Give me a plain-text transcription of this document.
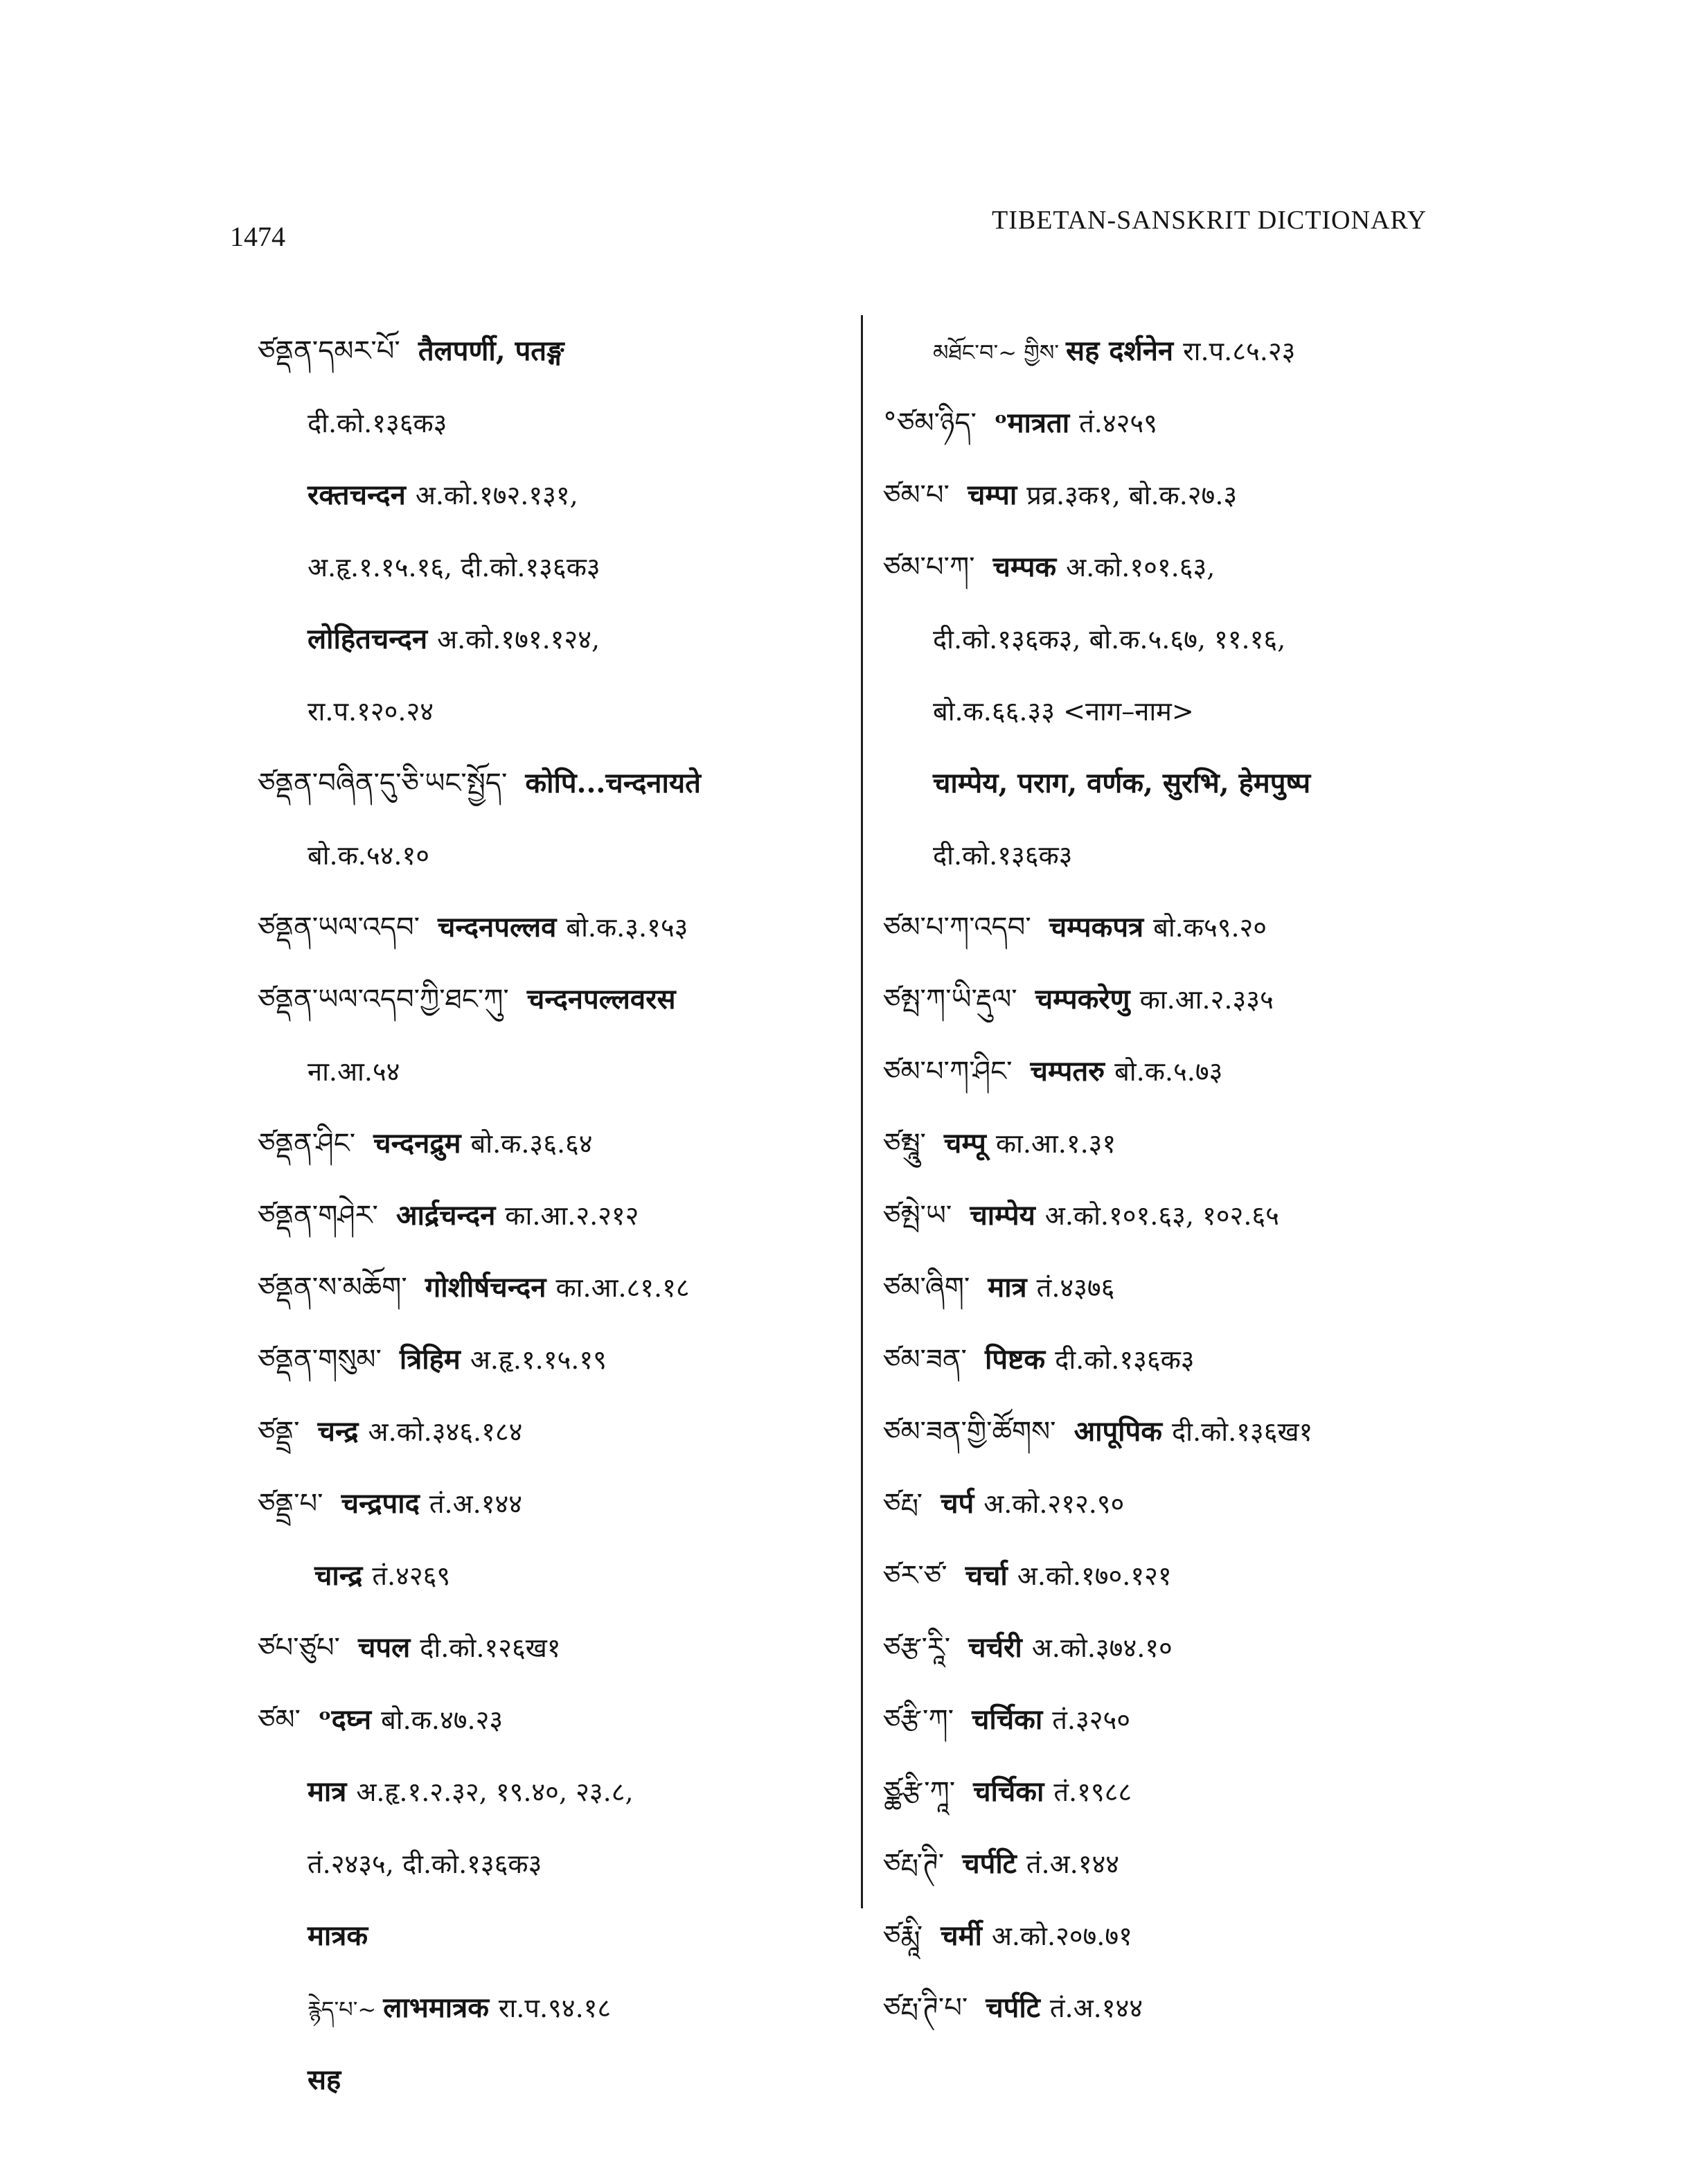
1474
TIBETAN-SANSKRIT DICTIONARY
ཙནྡན་དམར་པོ་ तैलपर्णी, पतङ्ग
दी.को.१३६क३
रक्तचन्दन अ.को.१७२.१३१,
अ.हृ.१.१५.१६, दी.को.१३६क३
लोहितचन्दन अ.को.१७१.१२४,
रा.प.१२०.२४
ཙནྡན་བཞིན་དུ་ཅི་ཡང་སྤྱོད་ कोपि...चन्दनायते
बो.क.५४.१०
ཙནྡན་ཡལ་འདབ་ चन्दनपल्लव बो.क.३.१५३
ཙནྡན་ཡལ་འདབ་ཀྱི་ཐང་ཀུ་ चन्दनपल्लवरस
ना.आ.५४
ཙནྡན་ཤིང་ चन्दनद्रुम बो.क.३६.६४
ཙནྡན་གཤེར་ आर्द्रचन्दन का.आ.२.२१२
ཙནྡན་ས་མཆོག་ गोशीर्षचन्दन का.आ.८१.१८
ཙནྡན་གསུམ་ त्रिहिम अ.हृ.१.१५.१९
ཙནྡྲ་ चन्द्र अ.को.३४६.१८४
ཙནྡྲ་པ་ चन्द्रपाद तं.अ.१४४
चान्द्र तं.४२६९
ཙཔ་ཙུཔ་ चपल दी.को.१२६ख१
ཙམ་ ᵒदघ्न बो.क.४७.२३
मात्र अ.हृ.१.२.३२, १९.४०, २३.८,
तं.२४३५, दी.को.१३६क३
मात्रक
རྙེད་པ་~ लाभमात्रक रा.प.९४.१८
सह
མཐོང་བ་~ གྱིས་ सह दर्शनेन रा.प.८५.२३
°ཙམ་ཉིད་ ᵒमात्रता तं.४२५९
ཙམ་པ་ चम्पा प्रव्र.३क१, बो.क.२७.३
ཙམ་པ་ཀ་ चम्पक अ.को.१०१.६३,
दी.को.१३६क३, बो.क.५.६७, ११.१६,
बो.क.६६.३३ <नाग–नाम>
चाम्पेय, पराग, वर्णक, सुरभि, हेमपुष्प
दी.को.१३६क३
ཙམ་པ་ཀ་འདབ་ चम्पकपत्र बो.क५९.२०
ཙམྤ་ཀ་ཡི་རྡུལ་ चम्पकरेणु का.आ.२.३३५
ཙམ་པ་ཀ་ཤིང་ चम्पतरु बो.क.५.७३
ཙམྤཱུ་ चम्पू का.आ.१.३१
ཙམྤེ་ཡ་ चाम्पेय अ.को.१०१.६३, १०२.६५
ཙམ་ཞིག་ मात्र तं.४३७६
ཙམ་ཟན་ पिष्टक दी.को.१३६क३
ཙམ་ཟན་གྱི་ཚོགས་ आपूपिक दी.को.१३६ख१
ཙརྤ་ चर्प अ.को.२१२.९०
ཙར་ཙ་ चर्चा अ.को.१७०.१२१
ཙརྩ་རཱི་ चर्चरी अ.को.३७४.१०
ཙརྩི་ཀ་ चर्चिका तं.३२५०
ཙྪརྩི་ཀཱ་ चर्चिका तं.१९८८
ཙརྤ་ཊི་ चर्पटि तं.अ.१४४
ཙརྨཱི་ चर्मी अ.को.२०७.७१
ཙརྤ་ཊི་པ་ चर्पटि तं.अ.१४४
